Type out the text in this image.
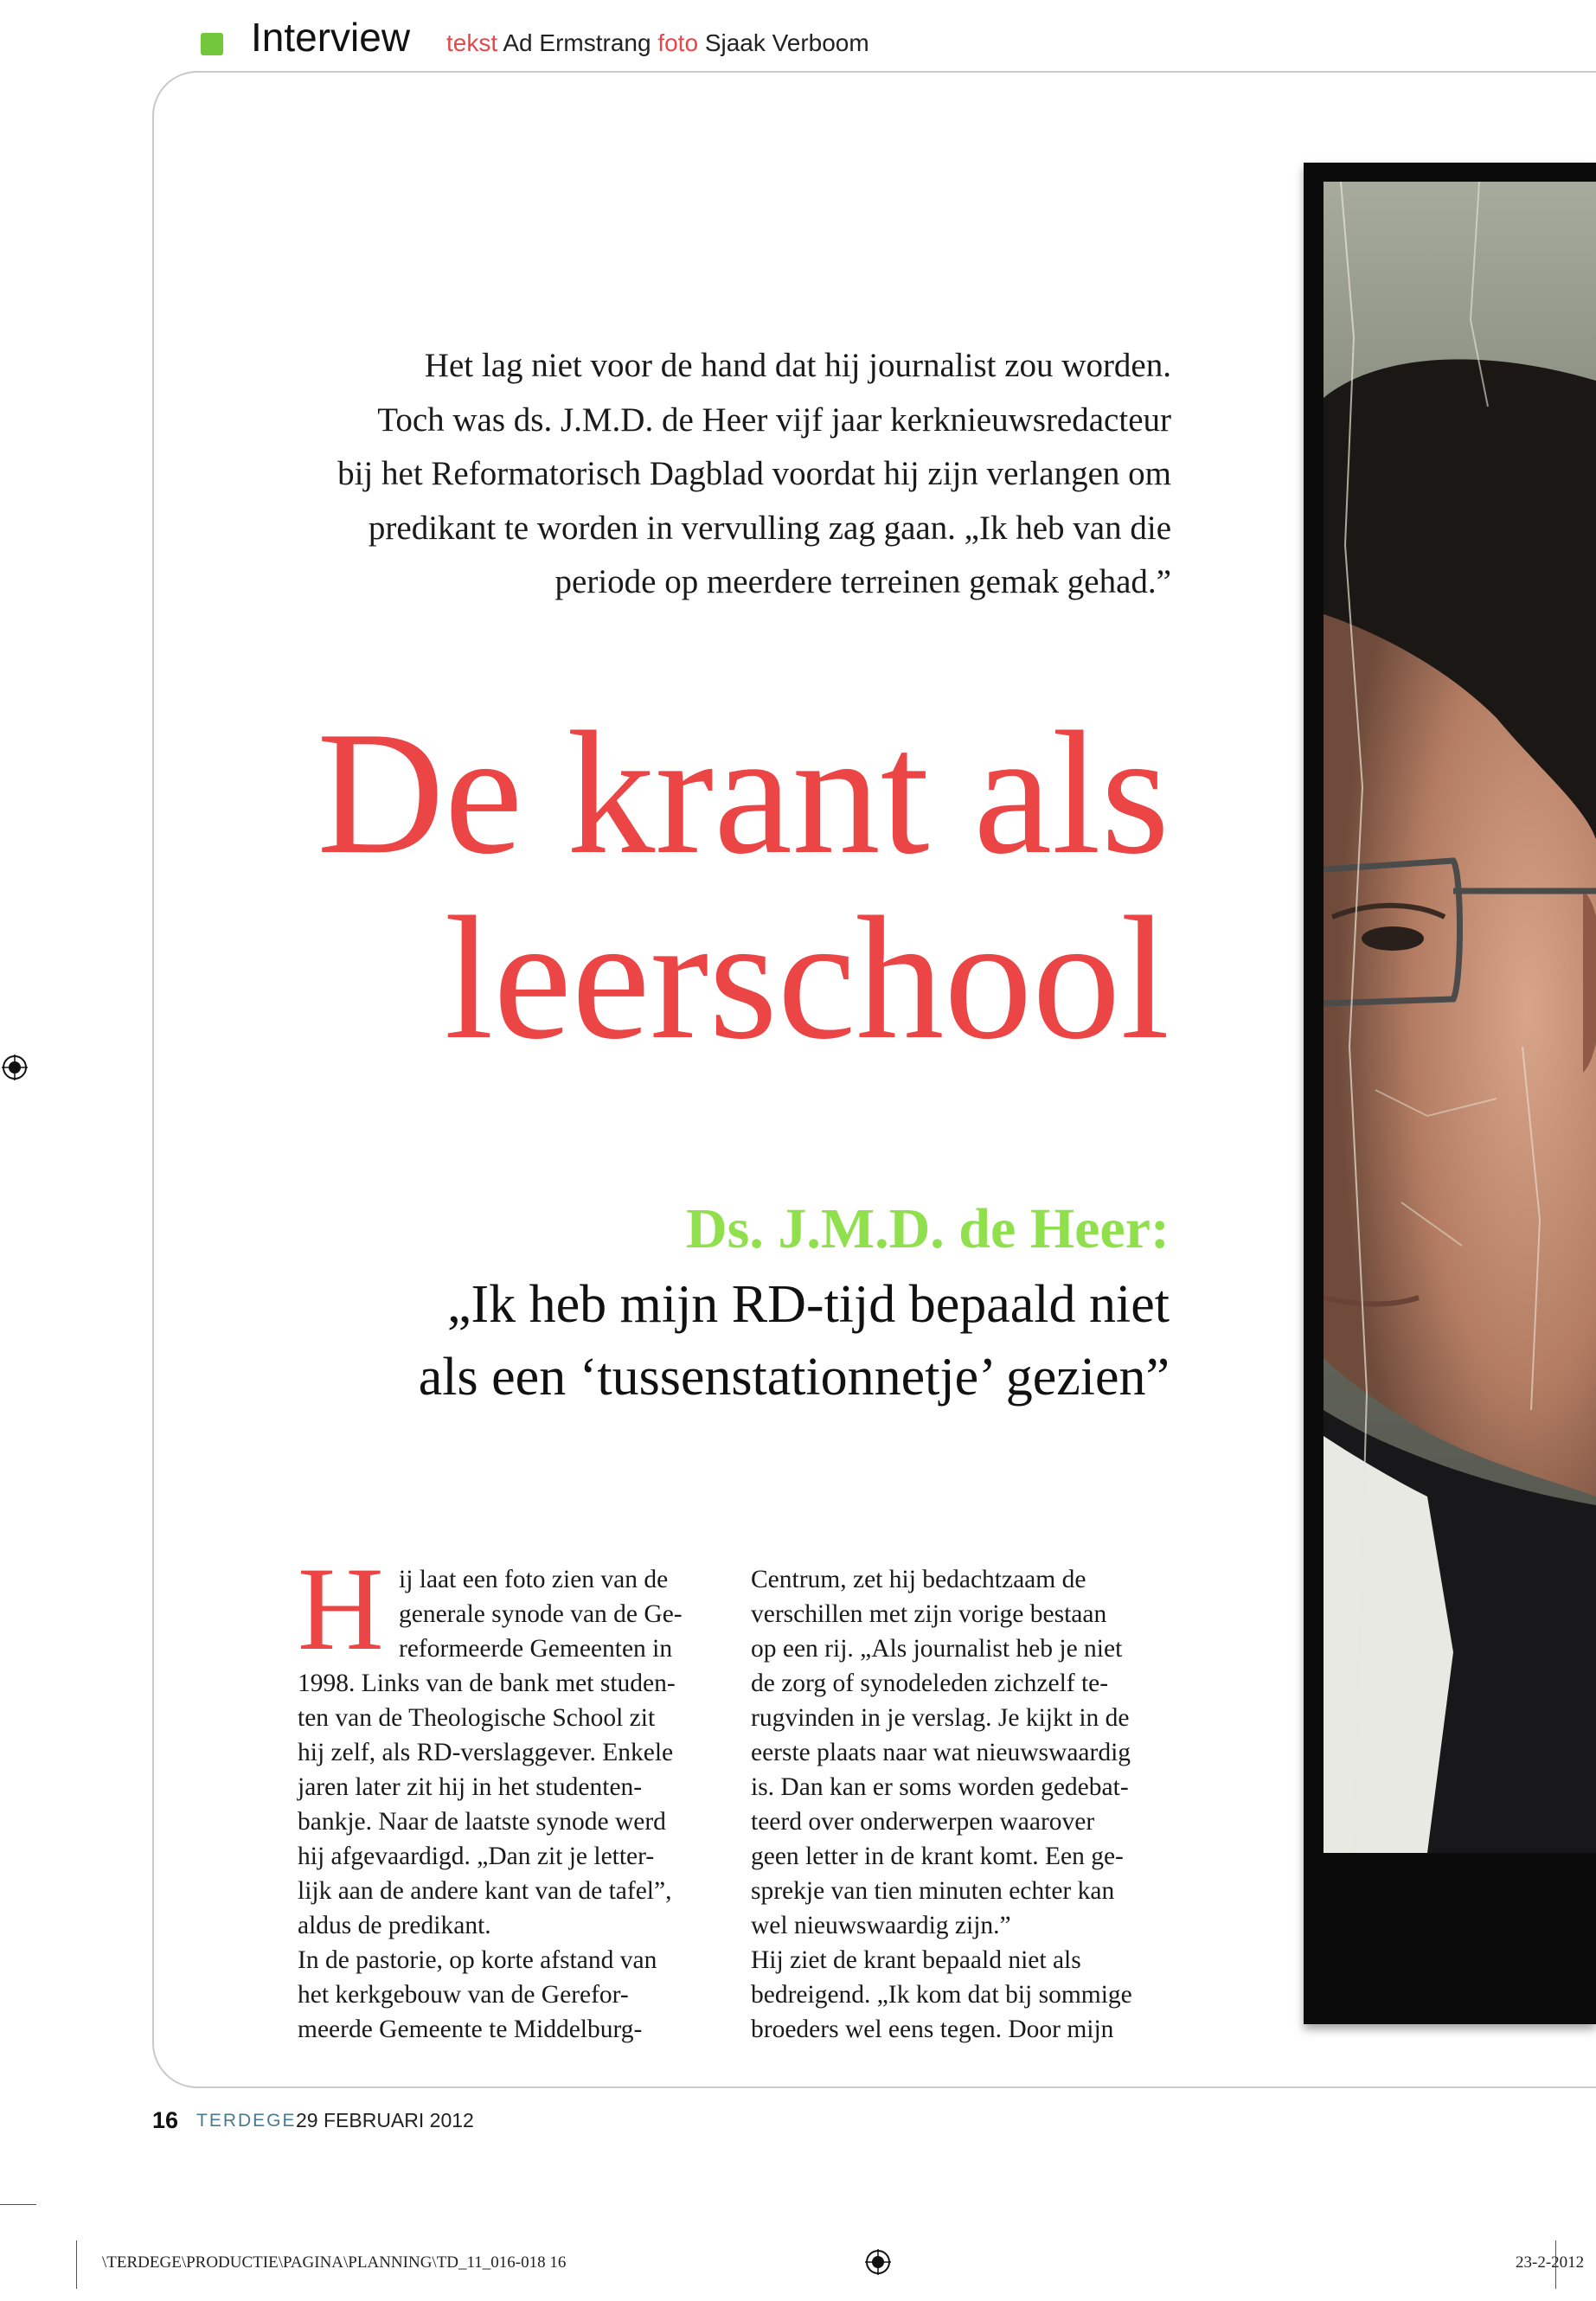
Interview tekst Ad Ermstrang foto Sjaak Verboom
Het lag niet voor de hand dat hij journalist zou worden.
Toch was ds. J.M.D. de Heer vijf jaar kerknieuwsredacteur
bij het Reformatorisch Dagblad voordat hij zijn verlangen om
predikant te worden in vervulling zag gaan. „Ik heb van die
periode op meerdere terreinen gemak gehad.”
De krant als
leerschool
Ds. J.M.D. de Heer:
„Ik heb mijn RD-tijd bepaald niet
als een ‘tussenstationnetje’ gezien”
H ij laat een foto zien van de

generale synode van de Ge-

reformeerde Gemeenten in

1998. Links van de bank met studen-

ten van de Theologische School zit

hij zelf, als RD-verslaggever. Enkele

jaren later zit hij in het studenten-

bankje. Naar de laatste synode werd

hij afgevaardigd. „Dan zit je letter-

lijk aan de andere kant van de tafel”,

aldus de predikant.

In de pastorie, op korte afstand van

het kerkgebouw van de Gerefor-

meerde Gemeente te Middelburg-

Centrum, zet hij bedachtzaam de

verschillen met zijn vorige bestaan

op een rij. „Als journalist heb je niet

de zorg of synodeleden zichzelf te-

rugvinden in je verslag. Je kijkt in de

eerste plaats naar wat nieuwswaardig

is. Dan kan er soms worden gedebat-

teerd over onderwerpen waarover

geen letter in de krant komt. Een ge-

sprekje van tien minuten echter kan

wel nieuwswaardig zijn.”

Hij ziet de krant bepaald niet als

bedreigend. „Ik kom dat bij sommige

broeders wel eens tegen. Door mijn

16 TERDEGE 29 FEBRUARI 2012
\TERDEGE\PRODUCTIE\PAGINA\PLANNING\TD_11_016-018 16	23-2-2012
